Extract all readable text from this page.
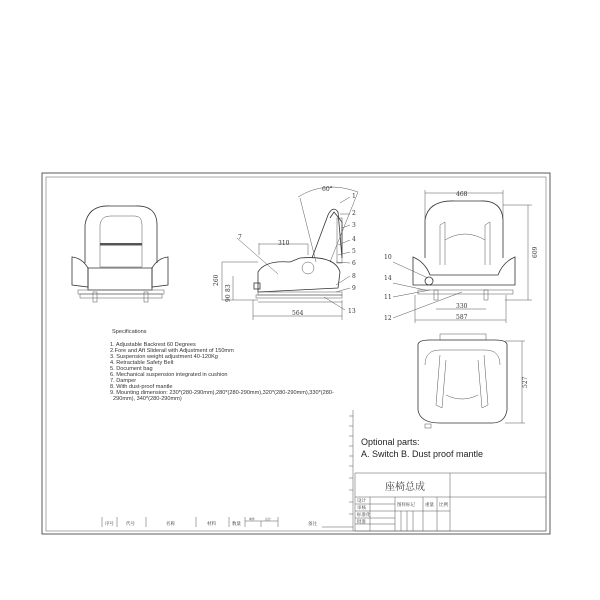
60°
310
260
83
90
564
7
1
2
3
4
5
6
8
9
13
468
609
330
587
10
14
11
12
527
Specifications
1. Adjustable Backrest 60 Degrees
2.Fore and Aft Sliderail with Adjustment of 150mm
3. Suspension weight adjustment 40-120Kg
4. Retractable Safety Belt
5. Document bag
6. Mechanical suspension integrated in cushion
7. Damper
8. With dust-proof mantle
9. Mounting dimension: 230*(280-290mm),280*(280-290mm),320*(280-290mm),330*(280-
290mm), 340*(280-290mm)
Optional parts:
A. Switch B. Dust proof mantle
座椅总成
设计
审核
标准化
批准
图样标记 重量 比例
序号	代号	名称	材料	数量
单件	总计
备注
